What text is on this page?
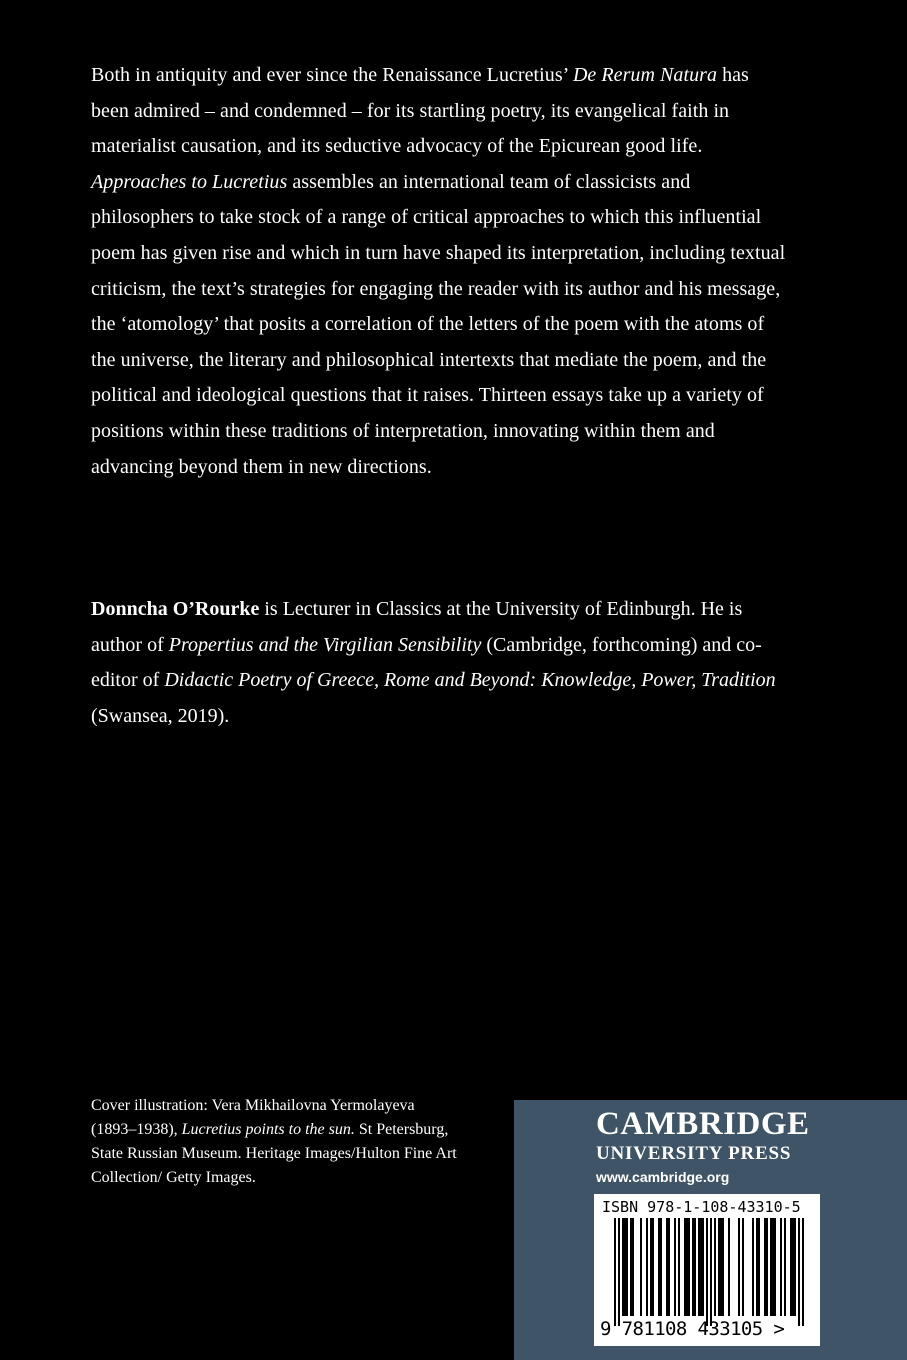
Both in antiquity and ever since the Renaissance Lucretius’ De Rerum Natura has been admired – and condemned – for its startling poetry, its evangelical faith in materialist causation, and its seductive advocacy of the Epicurean good life. Approaches to Lucretius assembles an international team of classicists and philosophers to take stock of a range of critical approaches to which this influential poem has given rise and which in turn have shaped its interpretation, including textual criticism, the text’s strategies for engaging the reader with its author and his message, the ‘atomology’ that posits a correlation of the letters of the poem with the atoms of the universe, the literary and philosophical intertexts that mediate the poem, and the political and ideological questions that it raises. Thirteen essays take up a variety of positions within these traditions of interpretation, innovating within them and advancing beyond them in new directions.

Donncha O’Rourke is Lecturer in Classics at the University of Edinburgh. He is author of Propertius and the Virgilian Sensibility (Cambridge, forthcoming) and co-editor of Didactic Poetry of Greece, Rome and Beyond: Knowledge, Power, Tradition (Swansea, 2019).

Cover illustration: Vera Mikhailovna Yermolayeva (1893–1938), Lucretius points to the sun. St Petersburg, State Russian Museum. Heritage Images/Hulton Fine Art Collection/ Getty Images.

CAMBRIDGE
UNIVERSITY PRESS
www.cambridge.org
ISBN 978-1-108-43310-5
9 781108 433105 >
